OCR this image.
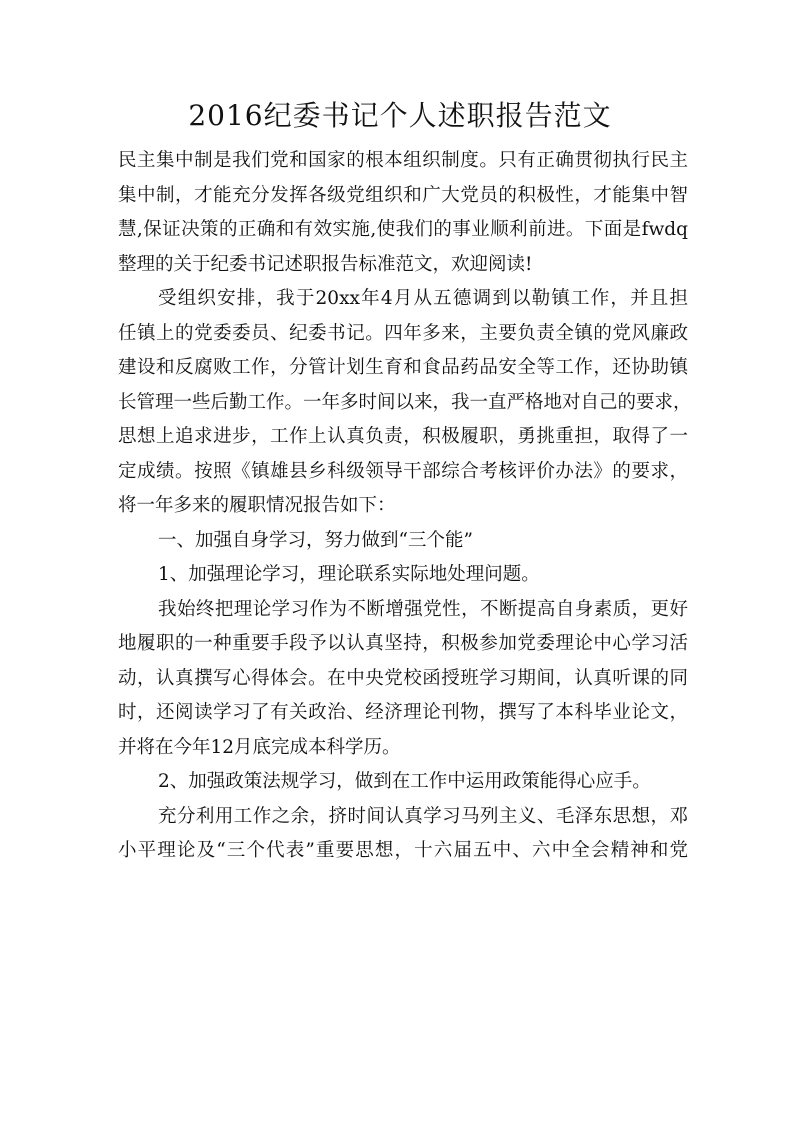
2016纪委书记个人述职报告范文
民主集中制是我们党和国家的根本组织制度。只有正确贯彻执行民主
集中制，才能充分发挥各级党组织和广大党员的积极性，才能集中智
慧,保证决策的正确和有效实施,使我们的事业顺利前进。下面是fwdq
整理的关于纪委书记述职报告标准范文，欢迎阅读!
受组织安排，我于20xx年4月从五德调到以勒镇工作，并且担
任镇上的党委委员、纪委书记。四年多来，主要负责全镇的党风廉政
建设和反腐败工作，分管计划生育和食品药品安全等工作，还协助镇
长管理一些后勤工作。一年多时间以来，我一直严格地对自己的要求，
思想上追求进步，工作上认真负责，积极履职，勇挑重担，取得了一
定成绩。按照《镇雄县乡科级领导干部综合考核评价办法》的要求，
将一年多来的履职情况报告如下：
一、加强自身学习，努力做到“三个能”
1、加强理论学习，理论联系实际地处理问题。
我始终把理论学习作为不断增强党性，不断提高自身素质，更好
地履职的一种重要手段予以认真坚持，积极参加党委理论中心学习活
动，认真撰写心得体会。在中央党校函授班学习期间，认真听课的同
时，还阅读学习了有关政治、经济理论刊物，撰写了本科毕业论文，
并将在今年12月底完成本科学历。
2、加强政策法规学习，做到在工作中运用政策能得心应手。
充分利用工作之余，挤时间认真学习马列主义、毛泽东思想，邓
小平理论及“三个代表”重要思想，十六届五中、六中全会精神和党
